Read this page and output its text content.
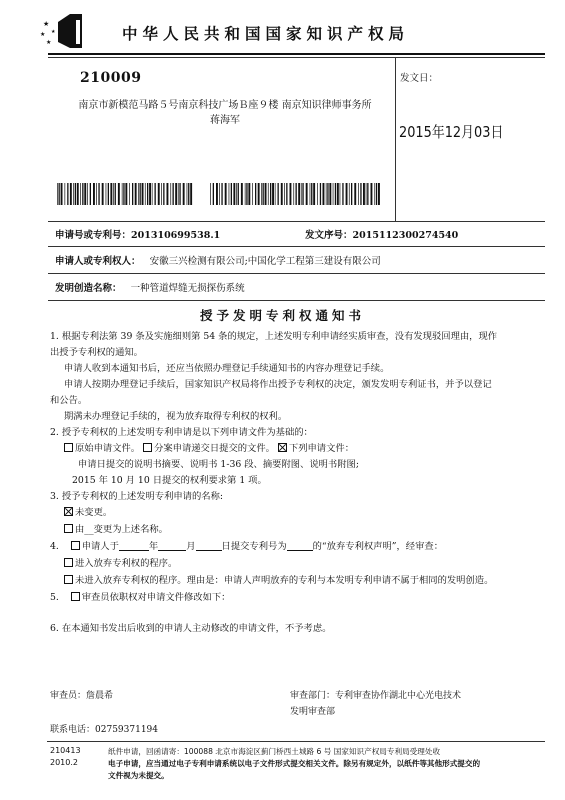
★
★
★
★	中华人民共和国国家知识产权局
210009
南京市新模范马路５号南京科技广场Ｂ座９楼 南京知识律师事务所
蒋海军
发文日：
2015年12月03日
申请号或专利号：201310699538.1	发文序号：2015112300274540
申请人或专利权人： 安徽三兴检测有限公司;中国化学工程第三建设有限公司
发明创造名称： 一种管道焊缝无损探伤系统
授予发明专利权通知书
1. 根据专利法第 39 条及实施细则第 54 条的规定，上述发明专利申请经实质审查，没有发现驳回理由，现作
出授予专利权的通知。
申请人收到本通知书后，还应当依照办理登记手续通知书的内容办理登记手续。
申请人按期办理登记手续后，国家知识产权局将作出授予专利权的决定，颁发发明专利证书，并予以登记
和公告。
期满未办理登记手续的，视为放弃取得专利权的权利。
2. 授予专利权的上述发明专利申请是以下列申请文件为基础的：
原始申请文件。 分案申请递交日提交的文件。 下列申请文件：
申请日提交的说明书摘要、说明书 1-36 段、摘要附图、说明书附图;
2015 年 10 月 10 日提交的权利要求第 1 项。
3. 授予专利权的上述发明专利申请的名称:
未变更。
由__变更为上述名称。
4. 申请人于	年	月	日提交专利号为	的“放弃专利权声明”，经审查：
进入放弃专利权的程序。
未进入放弃专利权的程序。理由是：申请人声明放弃的专利与本发明专利申请不属于相同的发明创造。
5. 审查员依职权对申请文件修改如下：
6. 在本通知书发出后收到的申请人主动修改的申请文件，不予考虑。
审查员：詹晨希	审查部门：专利审查协作湖北中心光电技术
发明审查部
联系电话：02759371194
210413
2010.2
纸件申请，回函请寄：100088 北京市海淀区蓟门桥西土城路 6 号 国家知识产权局专利局受理处收
电子申请，应当通过电子专利申请系统以电子文件形式提交相关文件。除另有规定外，以纸件等其他形式提交的
文件视为未提交。
